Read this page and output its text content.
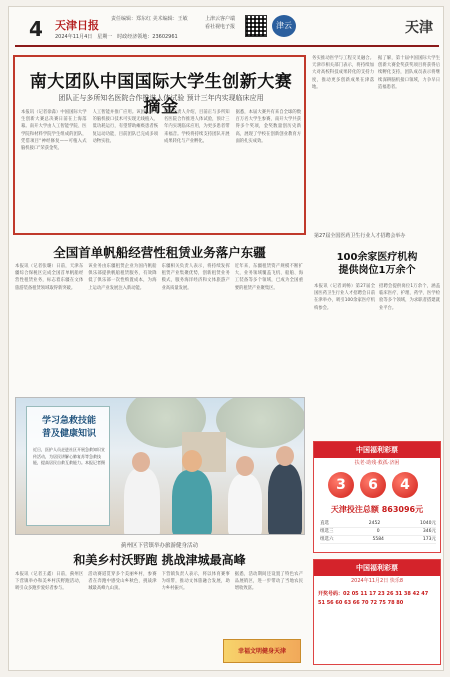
4 天津日报 责任编辑：郑东红 美术编辑：王敏
2024年11月4日　星期一　时政经济领地：23602961
上津云客户端
看社视电子报	津云	天津
南大团队中国国际大学生创新大赛摘金
团队正与多所知名医院合作推进人体试验 预计三年内实现临床应用
本报讯（记者徐淼）中国国际大学生创新大赛总决赛日前在上海落幕。南开大学由人工智能学院、医学院和材料学院学生组成的团队，凭借项目“神经修复——可植入式脑机接口”荣获金奖。
人工智能并推广应用。该团队研究的脑机接口技术可实现无线植入、低功耗运行，有望帮助瘫痪患者恢复运动功能，目前团队已完成多项动物实验。
团队负责人介绍，目前正与多所知名医院合作推进人体试验，预计三年内实现临床应用，为更多患者带来福音。学校将持续支持团队开展成果转化与产业孵化。
据悉，本届大赛共有来自全球的数百万名大学生参赛，南开大学共获得多个奖项，金奖数量创历史新高，展现了学校在创新创业教育方面的扎实成效。
务实推动医学与工程交叉融合。天津市相关部门表示，将持续加大对高校科技成果转化的支持力度，推动更多创新成果在津落地。
据了解，第十届中国国际大学生创新大赛金奖获奖项目将获得后续孵化支持，团队成员表示将继续深耕脑机接口领域，力争早日造福患者。
全国首单帆船经营性租赁业务落户东疆
本报讯（记者张璐）日前，天津东疆综合保税区完成全国首单帆船经营性租赁业务，标志着东疆在文体旅游装备租赁领域取得新突破。
该业务由东疆租赁企业为国内帆船俱乐部提供帆船租赁服务，有效降低了俱乐部一次性购置成本，为海上运动产业发展注入新动能。
东疆相关负责人表示，将持续发挥租赁产业集聚优势，创新租赁业务模式，服务海洋经济和文体旅游产业高质量发展。
近年来，东疆租赁资产规模不断扩大，业务领域覆盖飞机、船舶、海工装备等多个领域，已成为全国重要的租赁产业聚集区。
第27届全国医药卫生行业人才招聘会举办
100余家医疗机构
提供岗位1万余个
本报讯（记者刘畅）第27届全国医药卫生行业人才招聘会日前在津举办，吸引100余家医疗机构参会。
招聘会提供岗位1万余个，涵盖临床医疗、护理、药学、医学检验等多个领域，为求职者搭建就业平台。
学习急救技能
普及健康知识
近日，医护人员走进社区开展急救知识宣传活动，为居民讲解心肺复苏等急救技能，提高居民自救互救能力。本报记者摄
蓟州区下营镇举办旅游健身活动
和美乡村沃野跑 挑战津城最高峰
本报讯（记者王鑫）日前，蓟州区下营镇举办和美乡村沃野跑活动，吸引众多跑步爱好者参与。
活动赛道贯穿多个美丽乡村，参赛者在奔跑中感受山乡秋色，挑战津城最高峰九山顶。
下营镇负责人表示，将以体育赛事为纽带，推动文体旅融合发展，助力乡村振兴。
据悉，活动期间还设置了特色农产品展销区，进一步带动了当地农民增收致富。
幸福文明健身天津
中国福利彩票
扶老·助残·救孤·济困
3	6	4
天津投注总额 863096元
直选	2452	1040元
组选三	0	346元
组选六	5584	173元
中国福利彩票
2024年11月2日 快乐8
开奖号码：02 05 11 17 23 26 31 38 42 47 51 56 60 63 66 70 72 75 78 80
